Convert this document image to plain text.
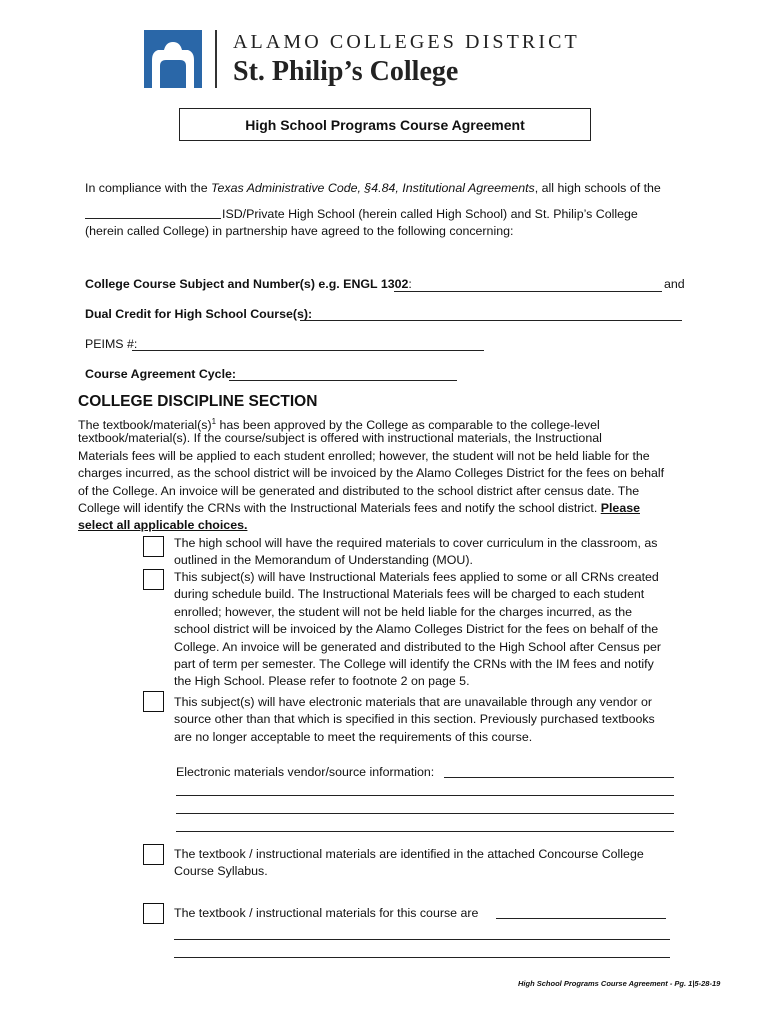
ALAMO COLLEGES DISTRICT
St. Philip’s College
High School Programs Course Agreement
In compliance with the Texas Administrative Code, §4.84, Institutional Agreements, all high schools of the
ISD/Private High School (herein called High School) and St. Philip’s College
(herein called College) in partnership have agreed to the following concerning:
College Course Subject and Number(s) e.g. ENGL 1302:	and
Dual Credit for High School Course(s):
PEIMS #:
Course Agreement Cycle:
COLLEGE DISCIPLINE SECTION
The textbook/$material(s)^1$ has been approved by the College as comparable to the college-level
textbook/material(s). If the course/subject is offered with instructional materials, the Instructional
Materials fees will be applied to each student enrolled; however, the student will not be held liable for the
charges incurred, as the school district will be invoiced by the Alamo Colleges District for the fees on behalf
of the College. An invoice will be generated and distributed to the school district after census date. The
College will identify the CRNs with the Instructional Materials fees and notify the school district. Please
select all applicable choices.
The high school will have the required materials to cover curriculum in the classroom, as
outlined in the Memorandum of Understanding (MOU).
This subject(s) will have Instructional Materials fees applied to some or all CRNs created
during schedule build. The Instructional Materials fees will be charged to each student
enrolled; however, the student will not be held liable for the charges incurred, as the
school district will be invoiced by the Alamo Colleges District for the fees on behalf of the
College. An invoice will be generated and distributed to the High School after Census per
part of term per semester. The College will identify the CRNs with the IM fees and notify
the High School. Please refer to footnote 2 on page 5.
This subject(s) will have electronic materials that are unavailable through any vendor or
source other than that which is specified in this section. Previously purchased textbooks
are no longer acceptable to meet the requirements of this course.
Electronic materials vendor/source information:
The textbook / instructional materials are identified in the attached Concourse College
Course Syllabus.
The textbook / instructional materials for this course are
High School Programs Course Agreement - Pg. 1|5-28-19
